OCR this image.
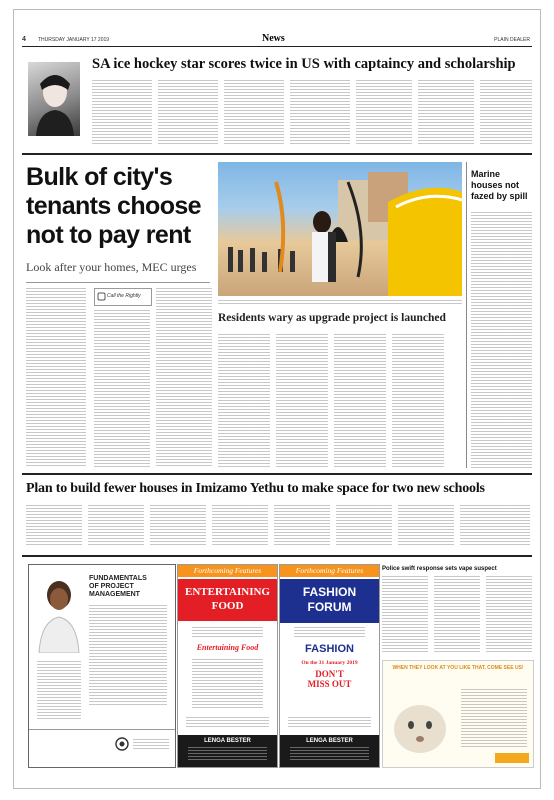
4 THURSDAY JANUARY 17 2019	News	PLAIN DEALER
SA ice hockey star scores twice in US with captaincy and scholarship
Bulk of city's
tenants choose
not to pay rent
Look after your homes, MEC urges
Call the Rightly
Residents wary as upgrade project is launched
Marine
houses not
fazed by spill
Plan to build fewer houses in Imizamo Yethu to make space for two new schools
FUNDAMENTALS
OF PROJECT
MANAGEMENT
Forthcoming Features
ENTERTAINING
FOOD
Entertaining Food
LENGA BESTER
Forthcoming Features
FASHION
FORUM
FASHION
On the 31 January 2019
DON'T
MISS OUT
LENGA BESTER
Police swift response sets vape suspect
WHEN THEY LOOK AT YOU LIKE THAT, COME SEE US!
